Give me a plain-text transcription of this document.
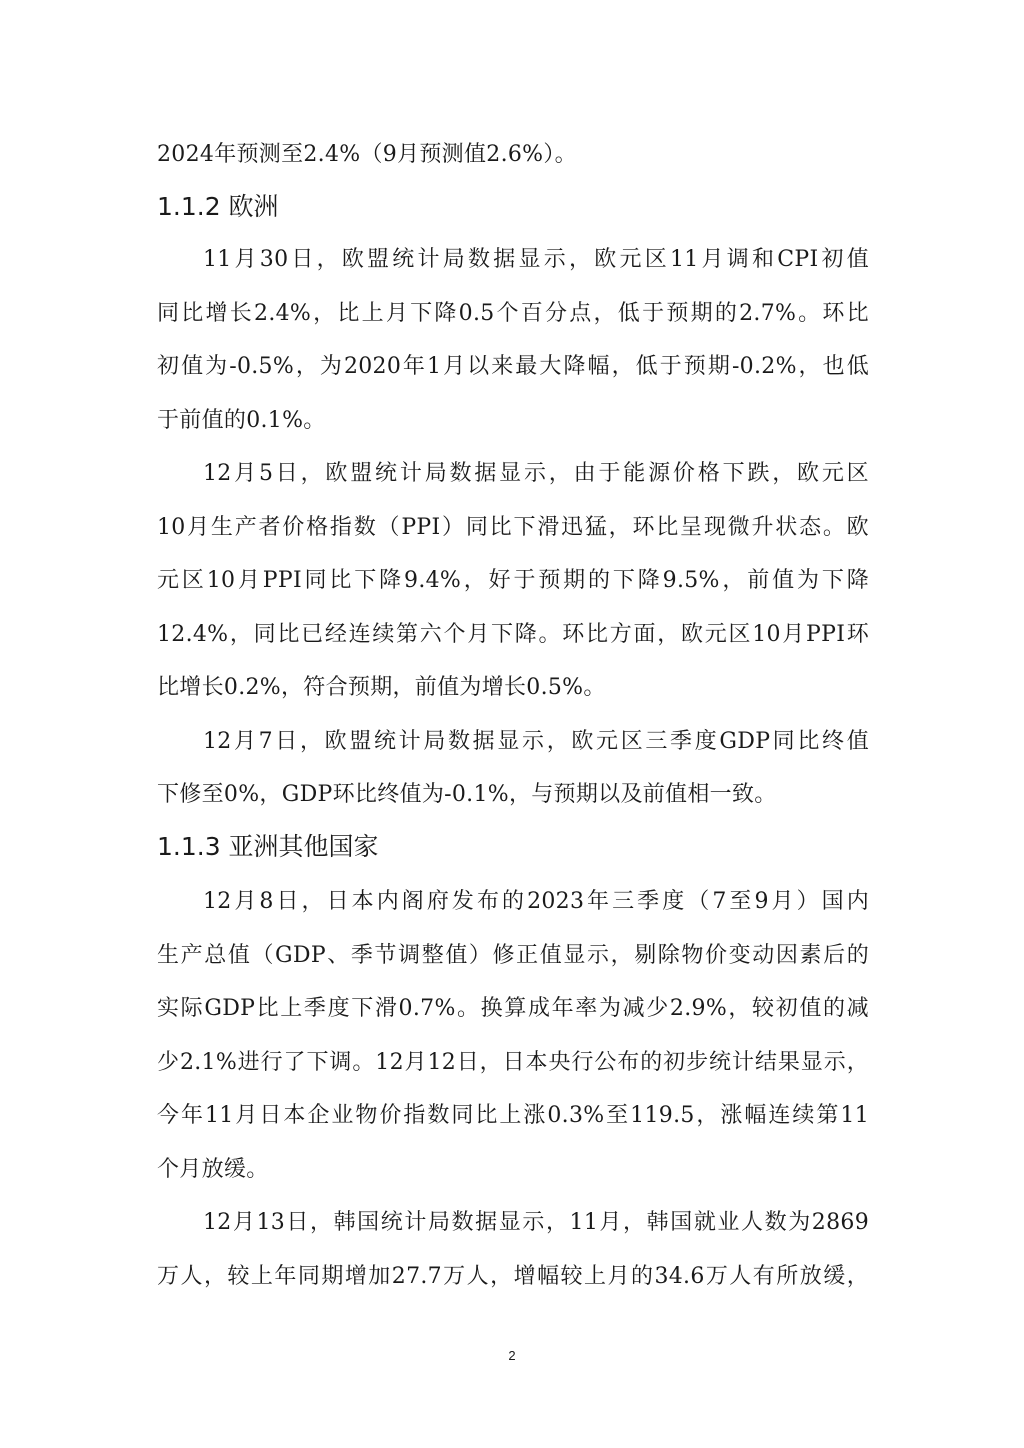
2024年预测至2.4%（9月预测值2.6%）。
1.1.2 欧洲
11月30日，欧盟统计局数据显示，欧元区11月调和CPI初值
同比增长2.4%，比上月下降0.5个百分点，低于预期的2.7%。环比
初值为-0.5%，为2020年1月以来最大降幅，低于预期-0.2%，也低
于前值的0.1%。
12月5日，欧盟统计局数据显示，由于能源价格下跌，欧元区
10月生产者价格指数（PPI）同比下滑迅猛，环比呈现微升状态。欧
元区10月PPI同比下降9.4%，好于预期的下降9.5%，前值为下降
12.4%，同比已经连续第六个月下降。环比方面，欧元区10月PPI环
比增长0.2%，符合预期，前值为增长0.5%。
12月7日，欧盟统计局数据显示，欧元区三季度GDP同比终值
下修至0%，GDP环比终值为-0.1%，与预期以及前值相一致。
1.1.3 亚洲其他国家
12月8日，日本内阁府发布的2023年三季度（7至9月）国内
生产总值（GDP、季节调整值）修正值显示，剔除物价变动因素后的
实际GDP比上季度下滑0.7%。换算成年率为减少2.9%，较初值的减
少2.1%进行了下调。12月12日，日本央行公布的初步统计结果显示，
今年11月日本企业物价指数同比上涨0.3%至119.5，涨幅连续第11
个月放缓。
12月13日，韩国统计局数据显示，11月，韩国就业人数为2869
万人，较上年同期增加27.7万人，增幅较上月的34.6万人有所放缓，
2
